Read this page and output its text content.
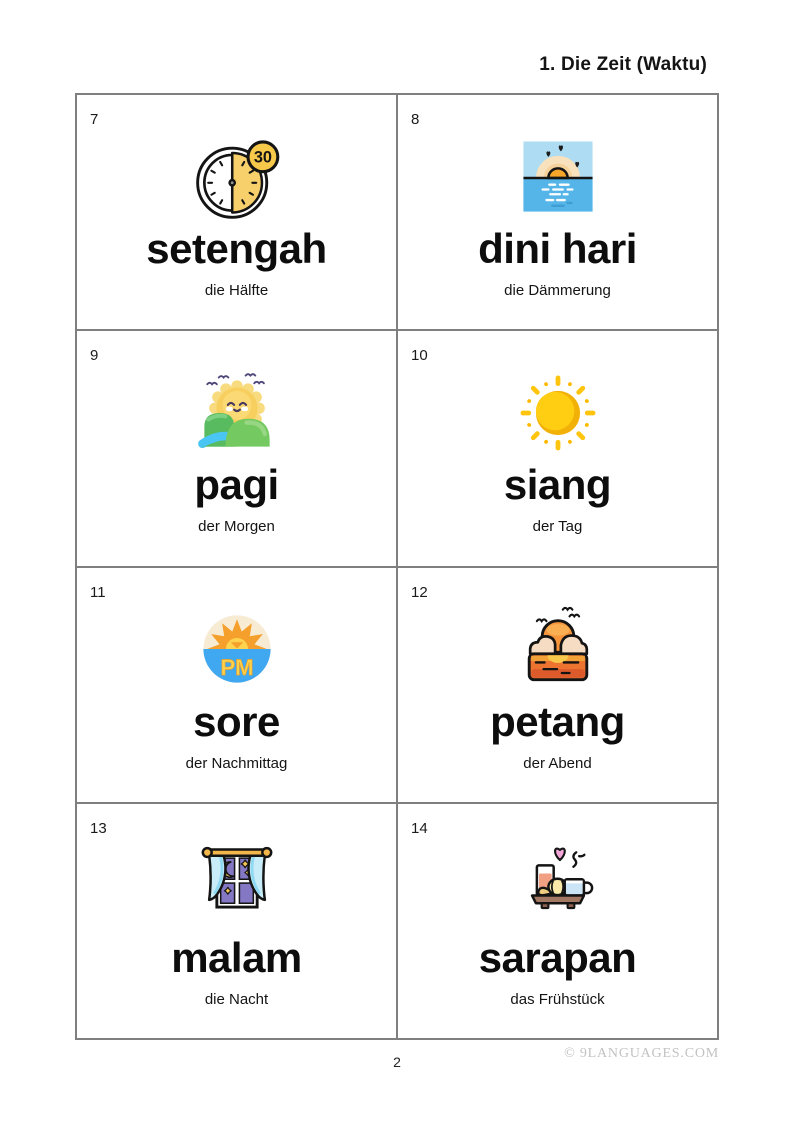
1. Die Zeit (Waktu)
7
30
setengah
die Hälfte
8
dini hari
die Dämmerung
9
pagi
der Morgen
10
siang
der Tag
11
PM
sore
der Nachmittag
12
petang
der Abend
13
malam
die Nacht
14
sarapan
das Frühstück
2
© 9LANGUAGES.COM
